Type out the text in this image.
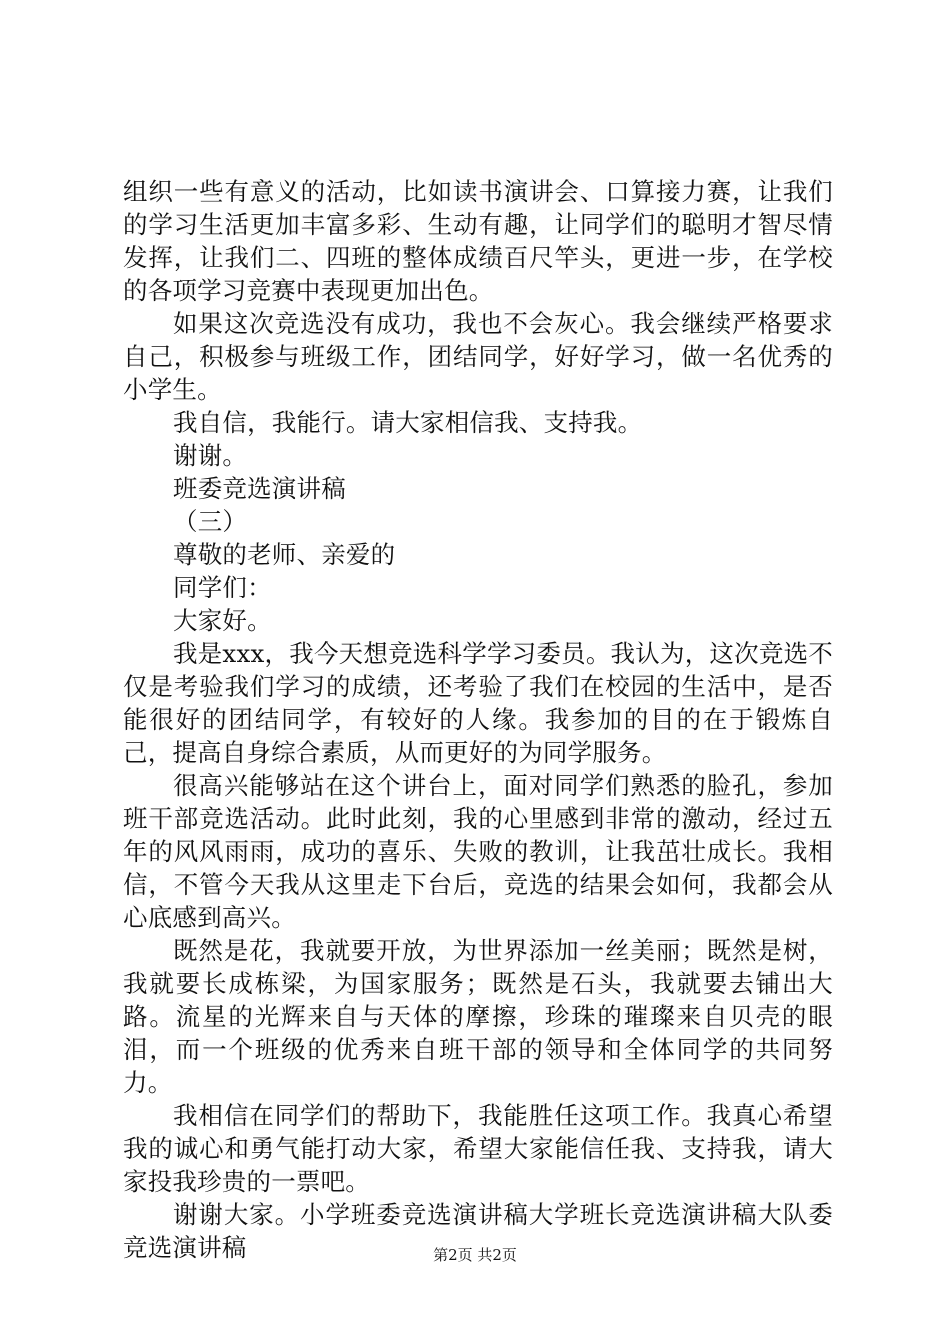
组织一些有意义的活动，比如读书演讲会、口算接力赛，让我们的学习生活更加丰富多彩、生动有趣，让同学们的聪明才智尽情发挥，让我们二、四班的整体成绩百尺竿头，更进一步，在学校的各项学习竞赛中表现更加出色。

如果这次竞选没有成功，我也不会灰心。我会继续严格要求自己，积极参与班级工作，团结同学，好好学习，做一名优秀的小学生。

我自信，我能行。请大家相信我、支持我。

谢谢。

班委竞选演讲稿

（三）

尊敬的老师、亲爱的

同学们：

大家好。

我是xxx，我今天想竞选科学学习委员。我认为，这次竞选不仅是考验我们学习的成绩，还考验了我们在校园的生活中，是否能很好的团结同学，有较好的人缘。我参加的目的在于锻炼自己，提高自身综合素质，从而更好的为同学服务。

很高兴能够站在这个讲台上，面对同学们熟悉的脸孔，参加班干部竞选活动。此时此刻，我的心里感到非常的激动，经过五年的风风雨雨，成功的喜乐、失败的教训，让我茁壮成长。我相信，不管今天我从这里走下台后，竞选的结果会如何，我都会从心底感到高兴。

既然是花，我就要开放，为世界添加一丝美丽；既然是树，我就要长成栋梁，为国家服务；既然是石头，我就要去铺出大路。流星的光辉来自与天体的摩擦，珍珠的璀璨来自贝壳的眼泪，而一个班级的优秀来自班干部的领导和全体同学的共同努力。

我相信在同学们的帮助下，我能胜任这项工作。我真心希望我的诚心和勇气能打动大家，希望大家能信任我、支持我，请大家投我珍贵的一票吧。

谢谢大家。小学班委竞选演讲稿大学班长竞选演讲稿大队委竞选演讲稿	第2页 共2页
